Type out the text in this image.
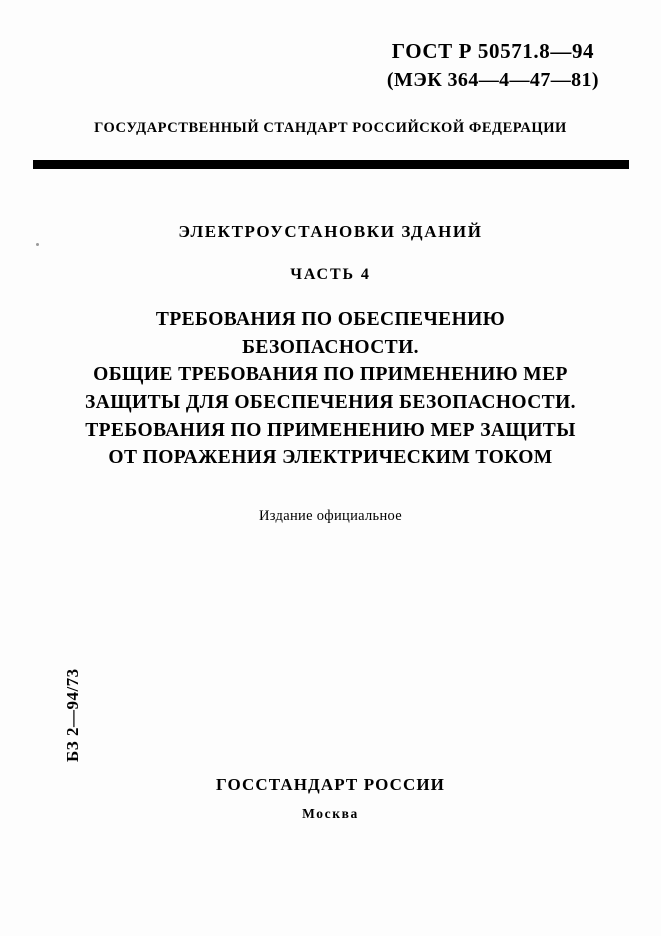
ГОСТ Р 50571.8—94
(МЭК 364—4—47—81)
ГОСУДАРСТВЕННЫЙ СТАНДАРТ РОССИЙСКОЙ ФЕДЕРАЦИИ
ЭЛЕКТРОУСТАНОВКИ ЗДАНИЙ
ЧАСТЬ 4
ТРЕБОВАНИЯ ПО ОБЕСПЕЧЕНИЮ
БЕЗОПАСНОСТИ.
ОБЩИЕ ТРЕБОВАНИЯ ПО ПРИМЕНЕНИЮ МЕР
ЗАЩИТЫ ДЛЯ ОБЕСПЕЧЕНИЯ БЕЗОПАСНОСТИ.
ТРЕБОВАНИЯ ПО ПРИМЕНЕНИЮ МЕР ЗАЩИТЫ
ОТ ПОРАЖЕНИЯ ЭЛЕКТРИЧЕСКИМ ТОКОМ
Издание официальное
БЗ 2—94/73
ГОССТАНДАРТ РОССИИ
Москва
